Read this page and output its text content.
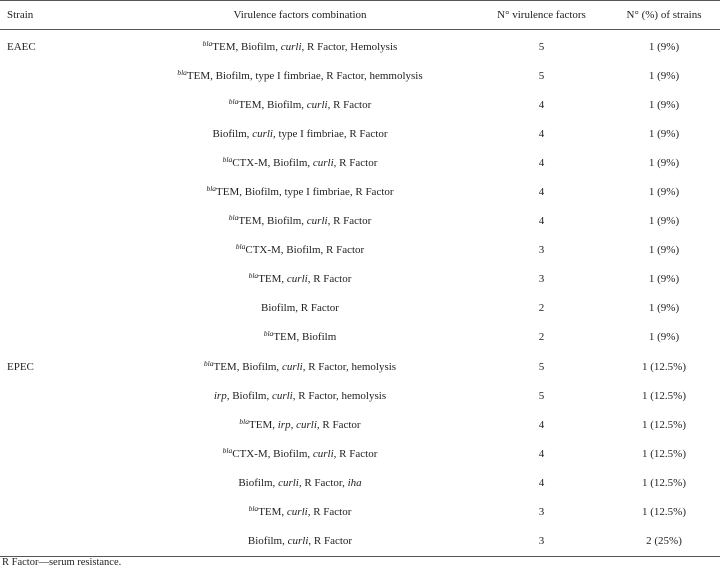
Strain	Virulence factors combination	N° virulence factors	N° (%) of strains
EAEC	$^{bla}$TEM, Biofilm, curli, R Factor, Hemolysis	5	1 (9%)
	$^{bla}$TEM, Biofilm, type I fimbriae, R Factor, hemmolysis	5	1 (9%)
	$^{bla}$TEM, Biofilm, curli, R Factor	4	1 (9%)
	Biofilm, curli, type I fimbriae, R Factor	4	1 (9%)
	$^{bla}$CTX-M, Biofilm, curli, R Factor	4	1 (9%)
	$^{bla}$TEM, Biofilm, type I fimbriae, R Factor	4	1 (9%)
	$^{bla}$TEM, Biofilm, curli, R Factor	4	1 (9%)
	$^{bla}$CTX-M, Biofilm, R Factor	3	1 (9%)
	$^{bla}$TEM, curli, R Factor	3	1 (9%)
	Biofilm, R Factor	2	1 (9%)
	$^{bla}$TEM, Biofilm	2	1 (9%)
EPEC	$^{bla}$TEM, Biofilm, curli, R Factor, hemolysis	5	1 (12.5%)
	irp, Biofilm, curli, R Factor, hemolysis	5	1 (12.5%)
	$^{bla}$TEM, irp, curli, R Factor	4	1 (12.5%)
	$^{bla}$CTX-M, Biofilm, curli, R Factor	4	1 (12.5%)
	Biofilm, curli, R Factor, iha	4	1 (12.5%)
	$^{bla}$TEM, curli, R Factor	3	1 (12.5%)
	Biofilm, curli, R Factor	3	2 (25%)

R Factor—serum resistance.
